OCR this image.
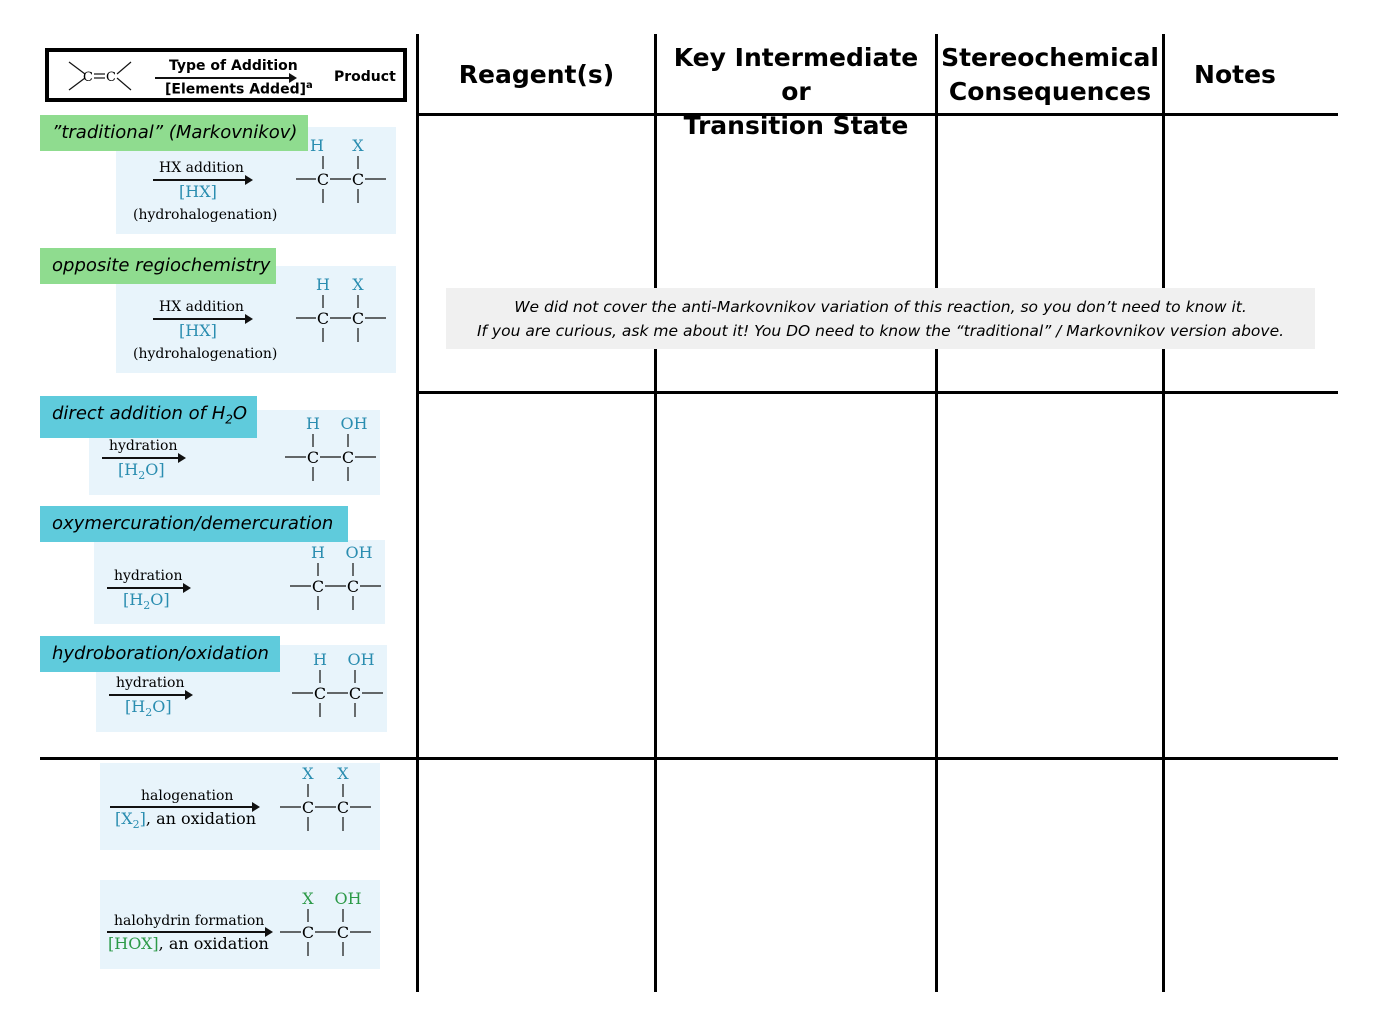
C C
Type of Addition
[Elements Added]$^a$
Product	Reagent(s)
Key Intermediate or
Transition State
Stereochemical
Consequences
Notes
”traditional” (Markovnikov)
HX addition
[HX]
(hydrohalogenation)
H X
C C
opposite regiochemistry
HX addition
[HX]
(hydrohalogenation)
H X
C C
We did not cover the anti-Markovnikov variation of this reaction, so you don’t need to know it.
If you are curious, ask me about it! You DO need to know the “traditional” / Markovnikov version above.
direct addition of $H_2O$
hydration
$[H_2O]$
H OH
C C
oxymercuration/demercuration
hydration
$[H_2O]$
H OH
C C
hydroboration/oxidation
hydration
$[H_2O]$
H OH
C C
halogenation
$[X_2]$, an oxidation
X X
C C
halohydrin formation
[HOX], an oxidation
X OH
C C
